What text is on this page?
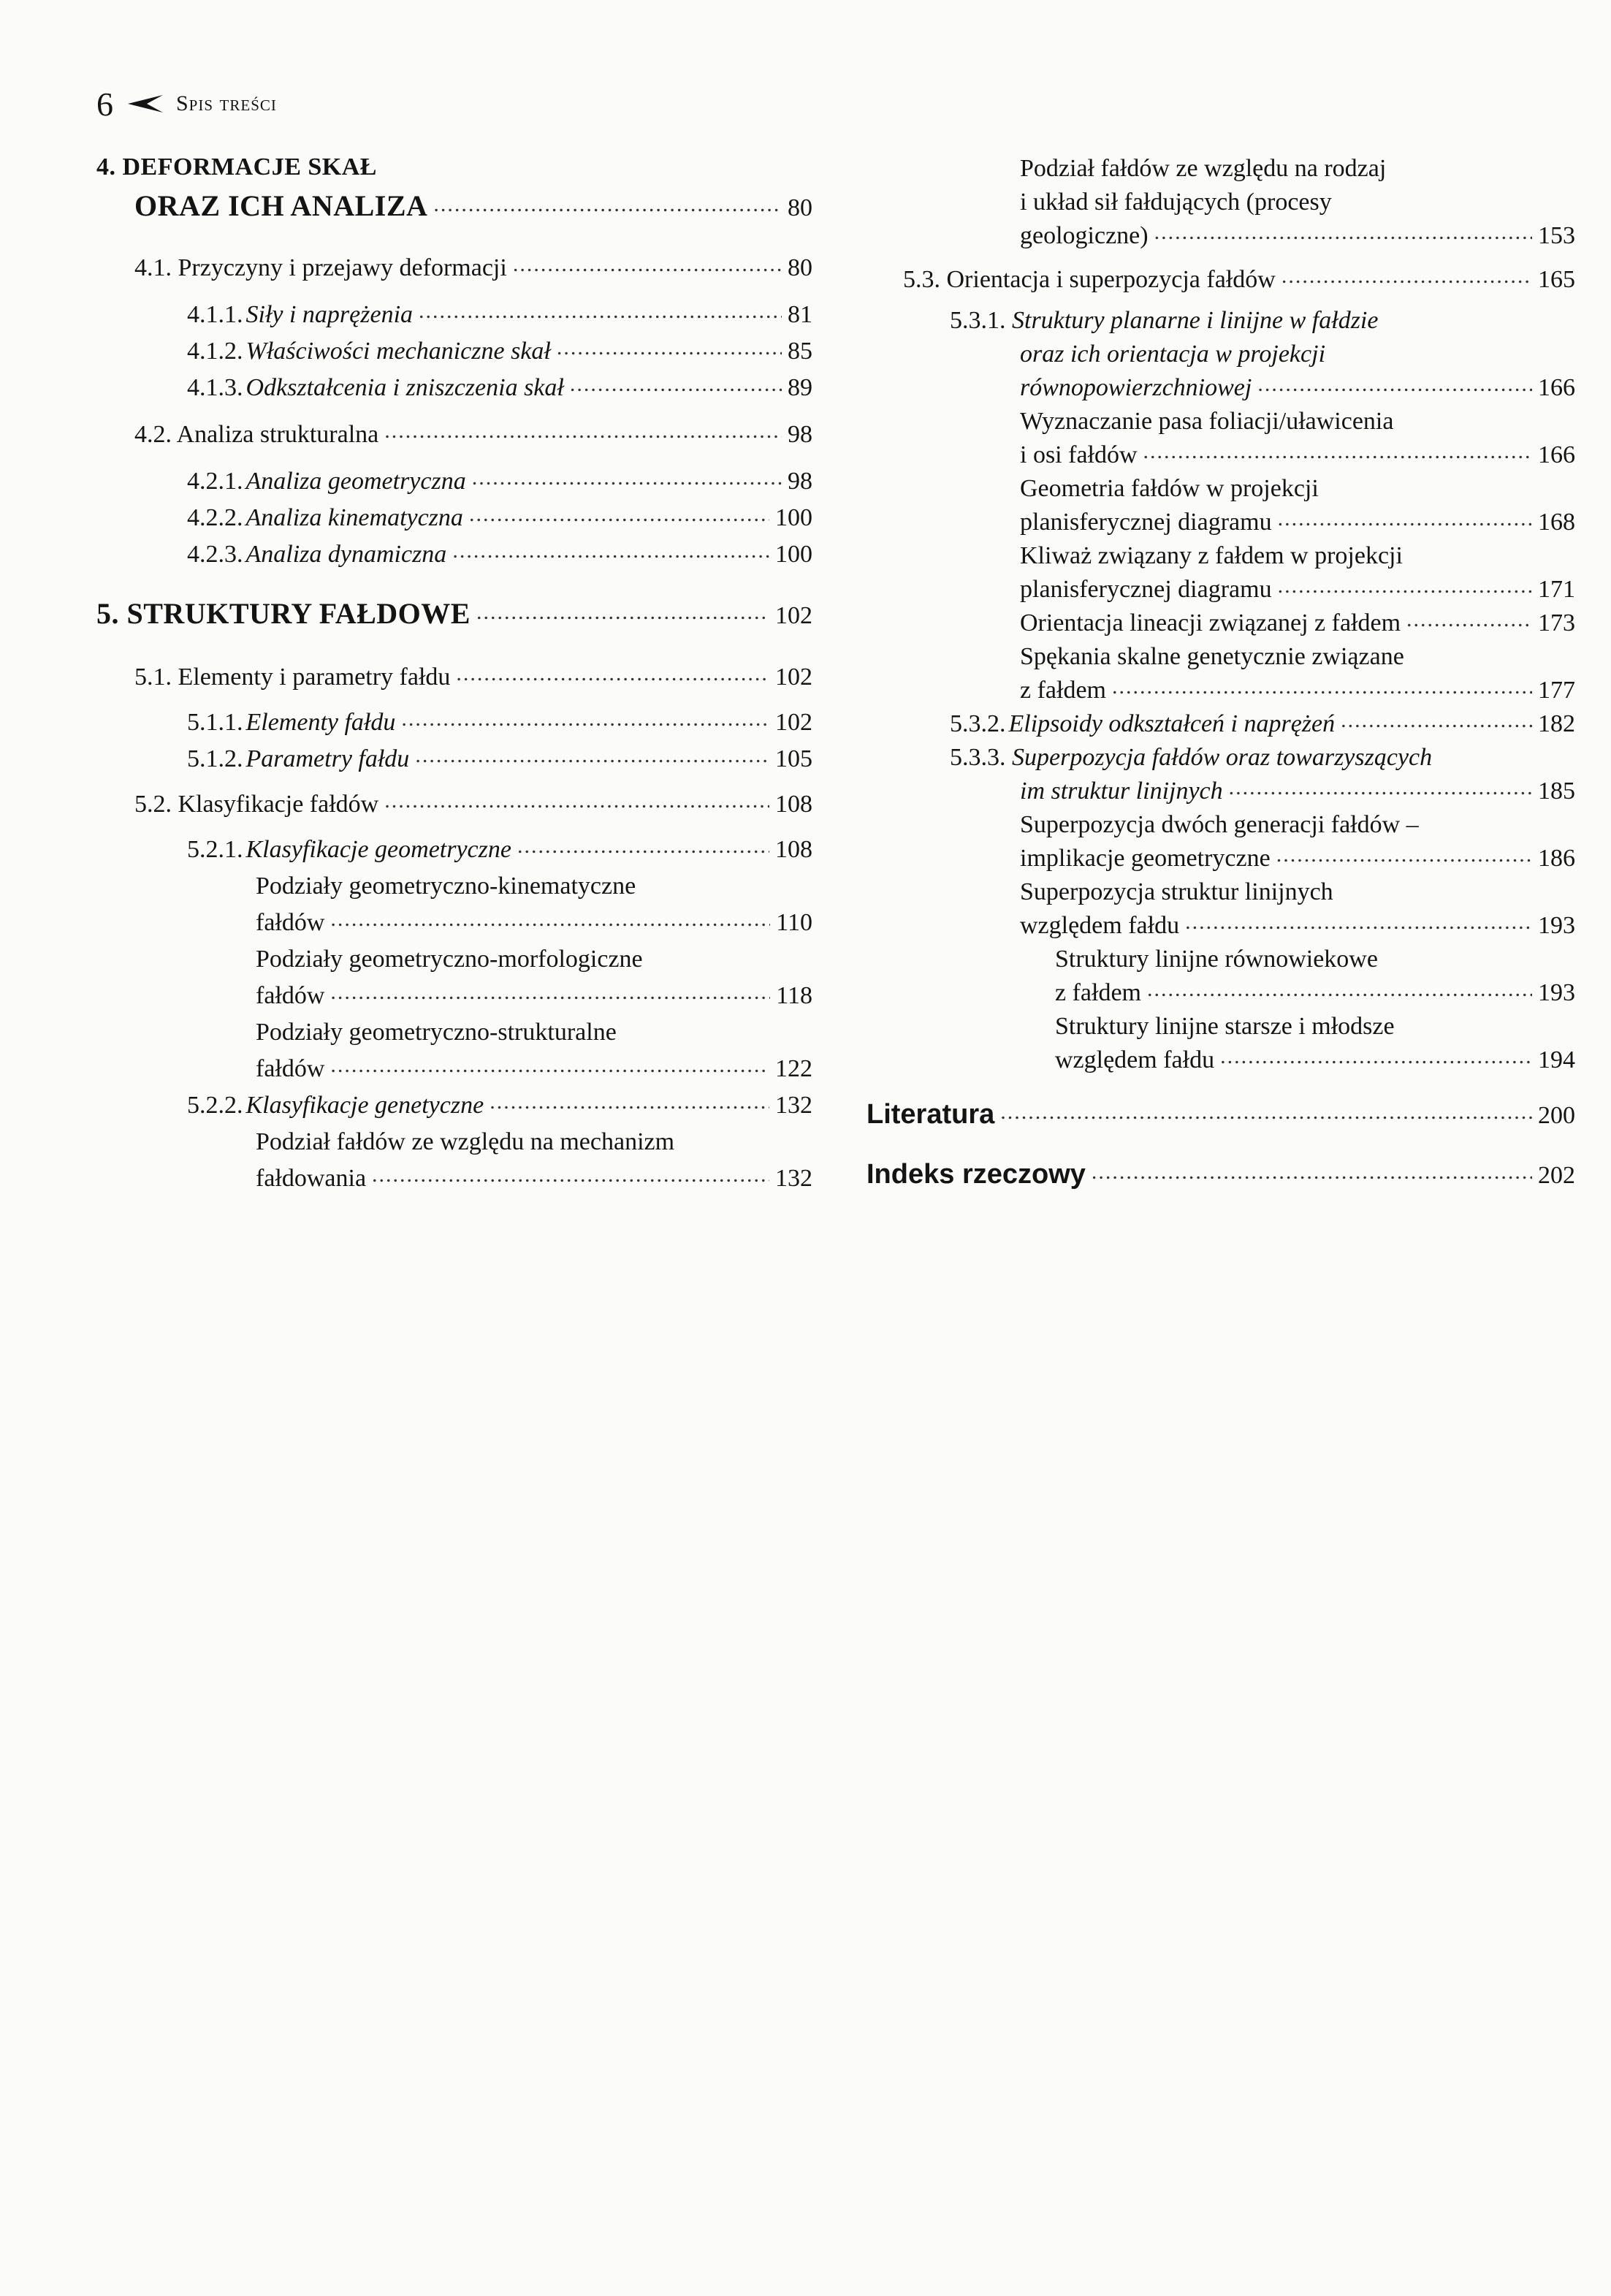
6	Spis treści
4. DEFORMACJE SKAŁ
ORAZ ICH ANALIZA .....	80
4.1. Przyczyny i przejawy deformacji .....	80
4.1.1.
Siły i naprężenia .....	81
4.1.2.
Właściwości mechaniczne skał .....	85
4.1.3.
Odkształcenia i zniszczenia skał .....	89
4.2. Analiza strukturalna .....	98
4.2.1.
Analiza geometryczna .....	98
4.2.2.
Analiza kinematyczna .....	100
4.2.3.
Analiza dynamiczna .....	100
5. STRUKTURY FAŁDOWE .....	102
5.1. Elementy i parametry fałdu .....	102
5.1.1.
Elementy fałdu .....	102
5.1.2.
Parametry fałdu .....	105
5.2. Klasyfikacje fałdów .....	108
5.2.1.
Klasyfikacje geometryczne .....	108
Podziały geometryczno-kinematyczne
fałdów .....	110
Podziały geometryczno-morfologiczne
fałdów .....	118
Podziały geometryczno-strukturalne
fałdów .....	122
5.2.2.
Klasyfikacje genetyczne .....	132
Podział fałdów ze względu na mechanizm
fałdowania .....	132
Podział fałdów ze względu na rodzaj
i układ sił fałdujących (procesy
geologiczne) .....	153
5.3. Orientacja i superpozycja fałdów .....	165
5.3.1. Struktury planarne i linijne w fałdzie
oraz ich orientacja w projekcji
równopowierzchniowej .....	166
Wyznaczanie pasa foliacji/uławicenia
i osi fałdów .....	166
Geometria fałdów w projekcji
planisferycznej diagramu .....	168
Kliważ związany z fałdem w projekcji
planisferycznej diagramu .....	171
Orientacja lineacji związanej z fałdem .....	173
Spękania skalne genetycznie związane
z fałdem .....	177
5.3.2.
Elipsoidy odkształceń i naprężeń .....	182
5.3.3. Superpozycja fałdów oraz towarzyszących
im struktur linijnych .....	185
Superpozycja dwóch generacji fałdów –
implikacje geometryczne .....	186
Superpozycja struktur linijnych
względem fałdu .....	193
Struktury linijne równowiekowe
z fałdem .....	193
Struktury linijne starsze i młodsze
względem fałdu .....	194
Literatura .....	200
Indeks rzeczowy .....	202
